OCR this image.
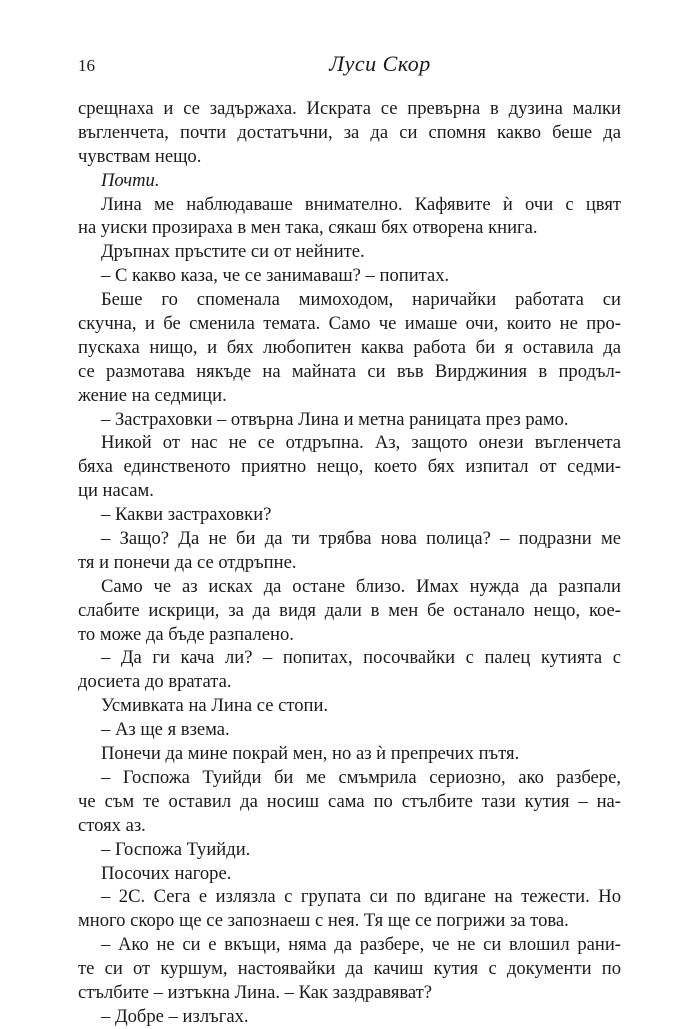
16	Луси Скор
срещнаха и се задържаха. Искрата се превърна в дузина малки
въгленчета, почти достатъчни, за да си спомня какво беше да
чувствам нещо.
Почти.
Лина ме наблюдаваше внимателно. Кафявите ѝ очи с цвят
на уиски прозираха в мен така, сякаш бях отворена книга.
Дръпнах пръстите си от нейните.
– С какво каза, че се занимаваш? – попитах.
Беше го споменала мимоходом, наричайки работата си
скучна, и бе сменила темата. Само че имаше очи, които не про-
пускаха нищо, и бях любопитен каква работа би я оставила да
се размотава някъде на майната си във Вирджиния в продъл-
жение на седмици.
– Застраховки – отвърна Лина и метна раницата през рамо.
Никой от нас не се отдръпна. Аз, защото онези въгленчета
бяха единственото приятно нещо, което бях изпитал от седми-
ци насам.
– Какви застраховки?
– Защо? Да не би да ти трябва нова полица? – подразни ме
тя и понечи да се отдръпне.
Само че аз исках да остане близо. Имах нужда да разпали
слабите искрици, за да видя дали в мен бе останало нещо, кое-
то може да бъде разпалено.
– Да ги кача ли? – попитах, посочвайки с палец кутията с
досиета до вратата.
Усмивката на Лина се стопи.
– Аз ще я взема.
Понечи да мине покрай мен, но аз ѝ препречих пътя.
– Госпожа Туийди би ме смъмрила сериозно, ако разбере,
че съм те оставил да носиш сама по стълбите тази кутия – на-
стоях аз.
– Госпожа Туийди.
Посочих нагоре.
– 2С. Сега е излязла с групата си по вдигане на тежести. Но
много скоро ще се запознаеш с нея. Тя ще се погрижи за това.
– Ако не си е вкъщи, няма да разбере, че не си влошил рани-
те си от куршум, настоявайки да качиш кутия с документи по
стълбите – изтъкна Лина. – Как заздравяват?
– Добре – излъгах.
